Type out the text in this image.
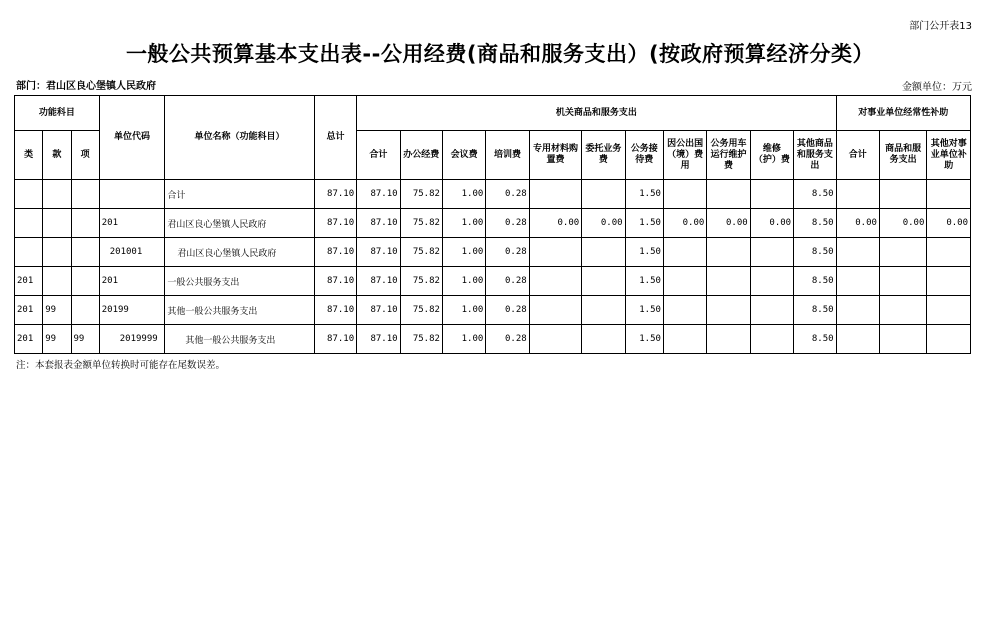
部门公开表13
一般公共预算基本支出表--公用经费(商品和服务支出）(按政府预算经济分类）
部门：君山区良心堡镇人民政府	金额单位：万元
功能科目			单位代码	单位名称（功能科目）	总计	机关商品和服务支出											对事业单位经常性补助		
类	款	项				合计	办公经费	会议费	培训费	专用材料购置费	委托业务费	公务接待费	因公出国（境）费用	公务用车运行维护费	维修（护）费	其他商品和服务支出	合计	商品和服务支出	其他对事业单位补助
				合计	87.10	87.10	75.82	1.00	0.28			1.50				8.50			
			201	君山区良心堡镇人民政府	87.10	87.10	75.82	1.00	0.28	0.00	0.00	1.50	0.00	0.00	0.00	8.50	0.00	0.00	0.00
			201001	君山区良心堡镇人民政府	87.10	87.10	75.82	1.00	0.28			1.50				8.50			
201			201	一般公共服务支出	87.10	87.10	75.82	1.00	0.28			1.50				8.50			
201	99		20199	其他一般公共服务支出	87.10	87.10	75.82	1.00	0.28			1.50				8.50			
201	99	99	2019999	其他一般公共服务支出	87.10	87.10	75.82	1.00	0.28			1.50				8.50			
注：本套报表金额单位转换时可能存在尾数误差。
